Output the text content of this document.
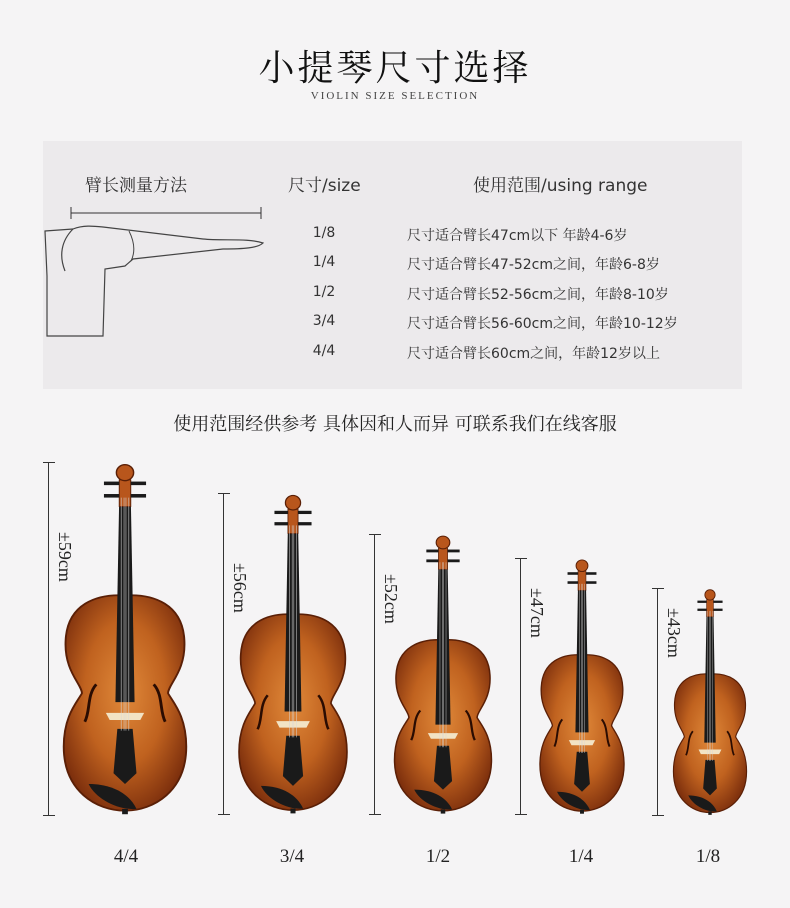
小提琴尺寸选择
VIOLIN SIZE SELECTION
臂长测量方法	尺寸/size	使用范围/using range
1/8	尺寸适合臂长47cm以下 年龄4-6岁
1/4	尺寸适合臂长47-52cm之间，年龄6-8岁
1/2	尺寸适合臂长52-56cm之间，年龄8-10岁
3/4	尺寸适合臂长56-60cm之间，年龄10-12岁
4/4	尺寸适合臂长60cm之间，年龄12岁以上
使用范围经供参考 具体因和人而异 可联系我们在线客服
±59cm
4/4
±56cm
3/4
±52cm
1/2
±47cm
1/4
±43cm
1/8
